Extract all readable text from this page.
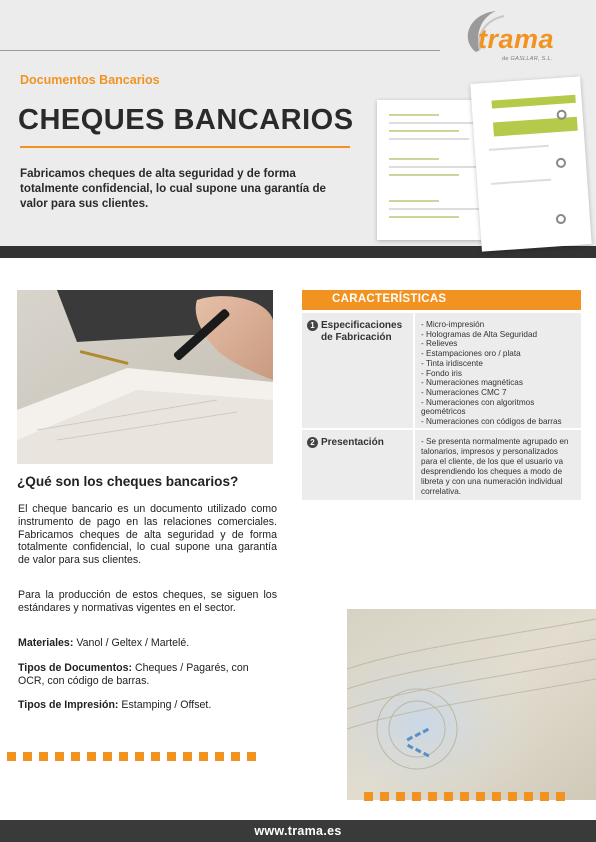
trama
de GASLLAR, S.L.
Documentos Bancarios
CHEQUES BANCARIOS
Fabricamos cheques de alta seguridad y de forma totalmente confidencial, lo cual supone una garantía de valor para sus clientes.
¿Qué son los cheques bancarios?

El cheque bancario es un documento utilizado como instrumento de pago en las relaciones comerciales. Fabricamos cheques de alta seguridad y de forma totalmente confidencial, lo cual supone una garantía de valor para sus clientes.

Para la producción de estos cheques, se siguen los estándares y normativas vigentes en el sector.

Materiales: Vanol / Geltex / Martelé.

Tipos de Documentos: Cheques / Pagarés, con OCR, con código de barras.

Tipos de Impresión: Estamping / Offset.

CARACTERÍSTICAS
1 Especificaciones de Fabricación
- Micro-impresión
- Hologramas de Alta Seguridad
- Relieves
- Estampaciones oro / plata
- Tinta iridiscente
- Fondo iris
- Numeraciones magnéticas
- Numeraciones CMC 7
- Numeraciones con algoritmos geométricos
- Numeraciones con códigos de barras
2 Presentación	- Se presenta normalmente agrupado en talonarios, impresos y personalizados para el cliente, de los que el usuario va desprendiendo los cheques a modo de libreta y con una numeración individual correlativa.

www.trama.es
